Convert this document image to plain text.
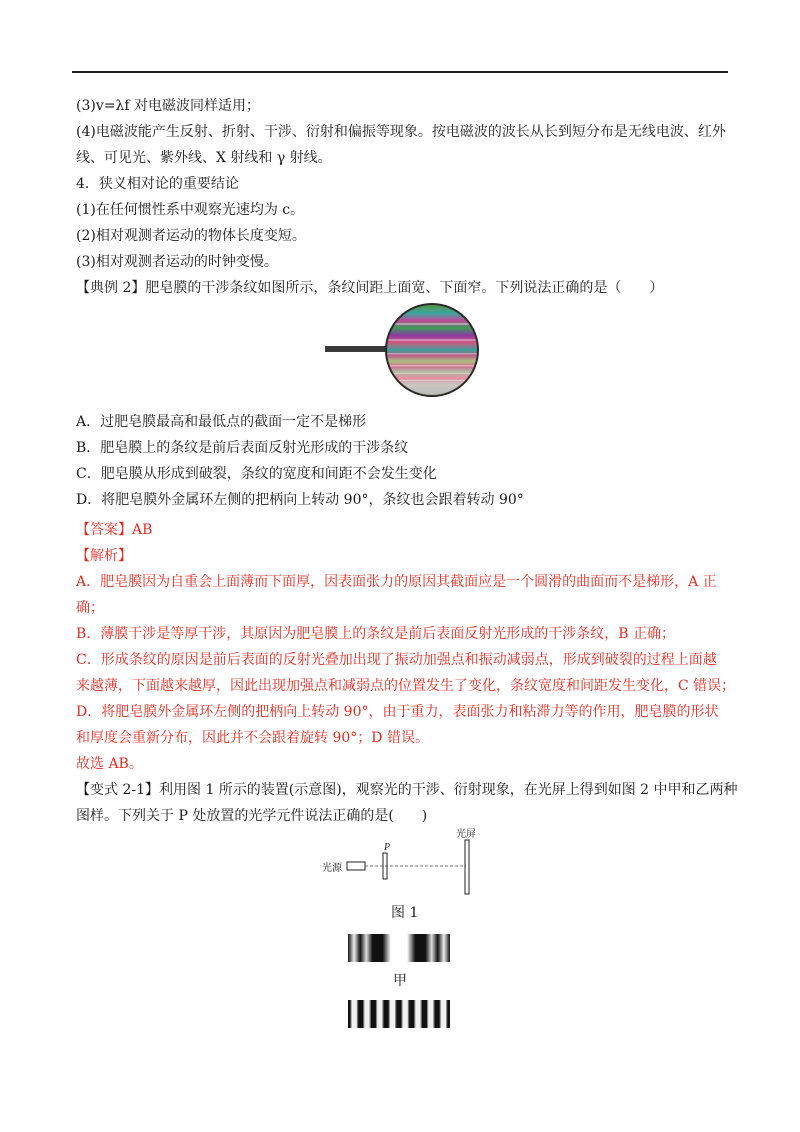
(3)v=λf 对电磁波同样适用；
(4)电磁波能产生反射、折射、干涉、衍射和偏振等现象。按电磁波的波长从长到短分布是无线电波、红外
线、可见光、紫外线、X 射线和 γ 射线。
4．狭义相对论的重要结论
(1)在任何惯性系中观察光速均为 c。
(2)相对观测者运动的物体长度变短。
(3)相对观测者运动的时钟变慢。
【典例 2】肥皂膜的干涉条纹如图所示，条纹间距上面宽、下面窄。下列说法正确的是（　　）
A．过肥皂膜最高和最低点的截面一定不是梯形
B．肥皂膜上的条纹是前后表面反射光形成的干涉条纹
C．肥皂膜从形成到破裂，条纹的宽度和间距不会发生变化
D．将肥皂膜外金属环左侧的把柄向上转动 90°，条纹也会跟着转动 90°
【答案】AB
【解析】
A．肥皂膜因为自重会上面薄而下面厚，因表面张力的原因其截面应是一个圆滑的曲面而不是梯形，A 正
确；
B．薄膜干涉是等厚干涉，其原因为肥皂膜上的条纹是前后表面反射光形成的干涉条纹，B 正确；
C．形成条纹的原因是前后表面的反射光叠加出现了振动加强点和振动减弱点，形成到破裂的过程上面越
来越薄，下面越来越厚，因此出现加强点和减弱点的位置发生了变化，条纹宽度和间距发生变化，C 错误；
D．将肥皂膜外金属环左侧的把柄向上转动 90°，由于重力，表面张力和粘滞力等的作用，肥皂膜的形状
和厚度会重新分布，因此并不会跟着旋转 90°；D 错误。
故选 AB。
【变式 2-1】利用图 1 所示的装置(示意图)，观察光的干涉、衍射现象，在光屏上得到如图 2 中甲和乙两种
图样。下列关于 P 处放置的光学元件说法正确的是(　　)
光源
P
光屏
图 1
甲
